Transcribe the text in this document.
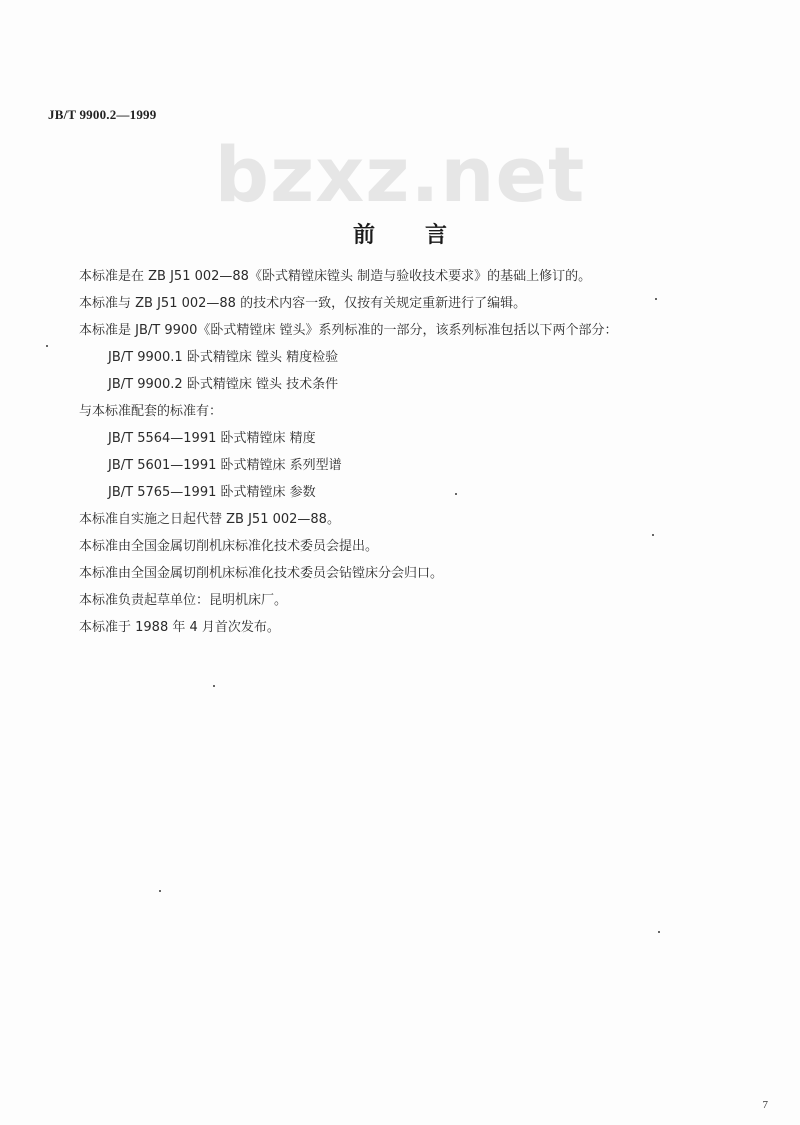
JB/T 9900.2—1999
bzxz.net
前 言
本标准是在 ZB J51 002—88《卧式精镗床镗头 制造与验收技术要求》的基础上修订的。
本标准与 ZB J51 002—88 的技术内容一致，仅按有关规定重新进行了编辑。
本标准是 JB/T 9900《卧式精镗床 镗头》系列标准的一部分，该系列标准包括以下两个部分：
JB/T 9900.1 卧式精镗床 镗头 精度检验
JB/T 9900.2 卧式精镗床 镗头 技术条件
与本标准配套的标准有：
JB/T 5564—1991 卧式精镗床 精度
JB/T 5601—1991 卧式精镗床 系列型谱
JB/T 5765—1991 卧式精镗床 参数
本标准自实施之日起代替 ZB J51 002—88。
本标准由全国金属切削机床标准化技术委员会提出。
本标准由全国金属切削机床标准化技术委员会钻镗床分会归口。
本标准负责起草单位：昆明机床厂。
本标准于 1988 年 4 月首次发布。
7
